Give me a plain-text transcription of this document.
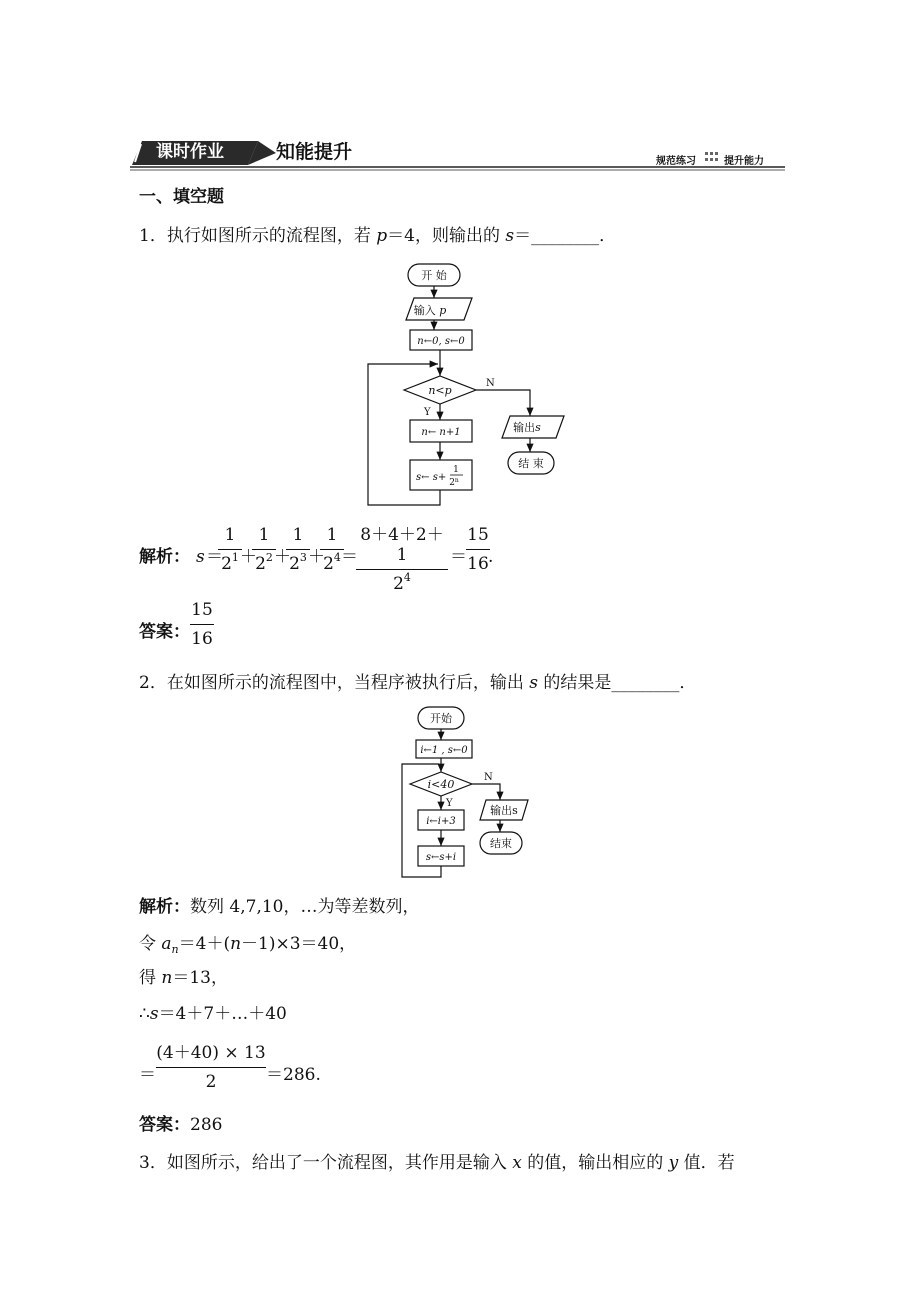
课时作业	知能提升	规范练习	提升能力
一、填空题
1．执行如图所示的流程图，若 p＝4，则输出的 s＝________．
开 始
输入 p
n←0, s←0
n<p
N
Y
n← n+1
s← s+
1
2$^n$
输出s
结 束
解析： s ＝
1
$2^1$ ＋
1
$2^2$ ＋
1
$2^3$ ＋
1
$2^4$ ＝
8＋4＋2＋1
$2^4$
＝
15
16 .
答案：
15
16
2．在如图所示的流程图中，当程序被执行后，输出 s 的结果是________．
开始
i←1 , s←0
i<40
N
Y
i←i+3
s←s+i
输出s
结束
解析：数列 4,7,10，…为等差数列，
令 $a_n=4+(n-1)\times 3=40$，
得 n＝13，
∴s＝4＋7＋…＋40
＝
(4＋40) × 13
2	＝286.
答案：286
3．如图所示，给出了一个流程图，其作用是输入 x 的值，输出相应的 y 值．若
